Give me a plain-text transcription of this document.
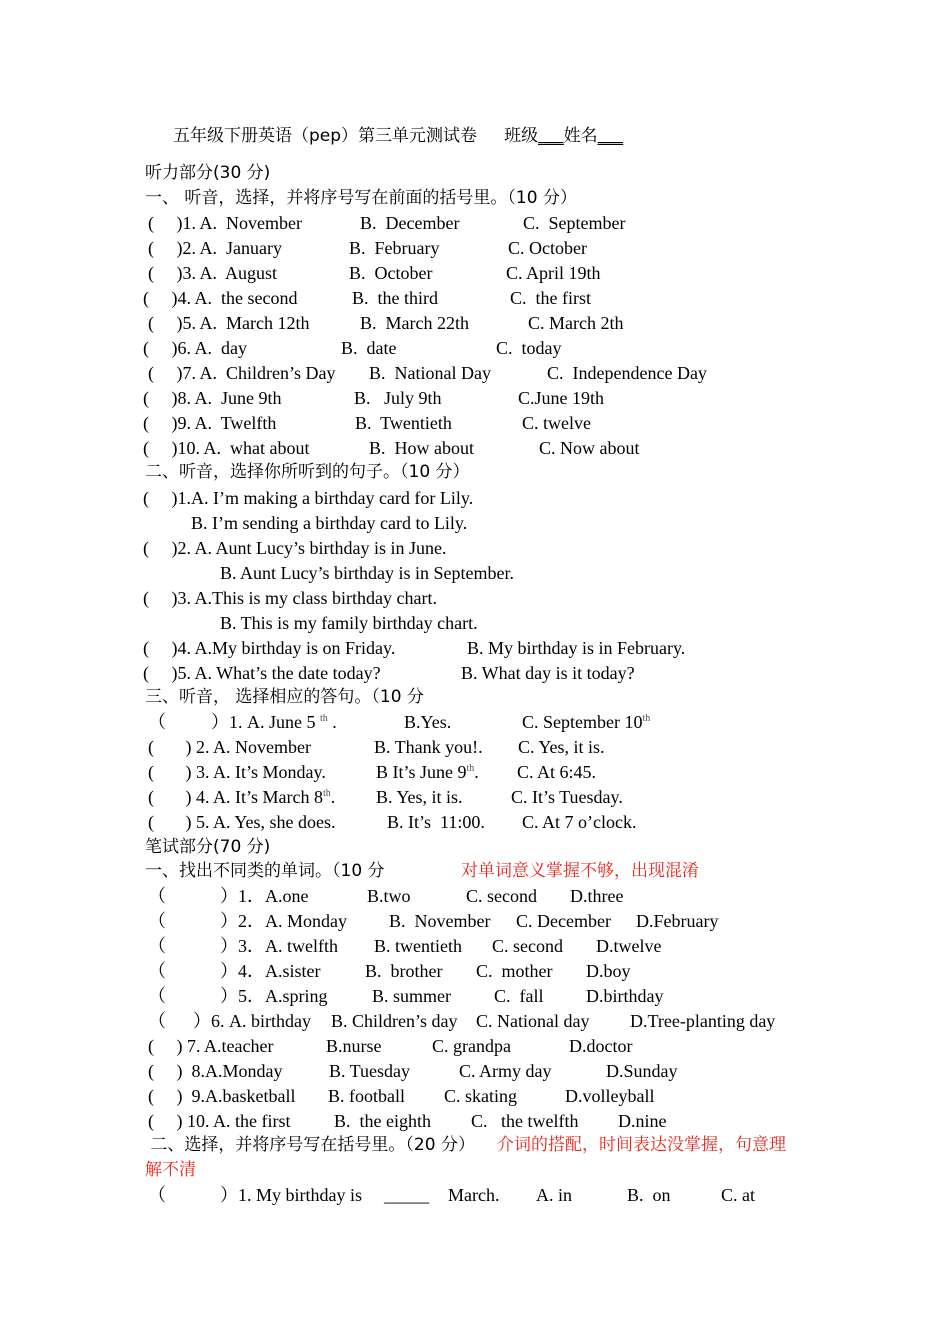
五年级下册英语（pep）第三单元测试卷 班级___姓名___
听力部分(30 分)
一、 听音，选择，并将序号写在前面的括号里。（10 分）
(     )1. A.  November	B.  December	C.  September
(     )2. A.  January	B.  February	C. October
(     )3. A.  August	B.  October	C. April 19th
(     )4. A.  the second	B.  the third	C.  the first
(     )5. A.  March 12th	B.  March 22th	C. March 2th
(     )6. A.  day	B.  date	C.  today
(     )7. A.  Children’s Day B.  National Day	C.  Independence Day
(     )8. A.  June 9th	B.   July 9th	C.June 19th
(     )9. A.  Twelfth	B.  Twentieth	C. twelve
(     )10. A.  what about	B.  How about	C. Now about
二、听音，选择你所听到的句子。（10 分）
(     )1.A. I’m making a birthday card for Lily.
B. I’m sending a birthday card to Lily.
(     )2. A. Aunt Lucy’s birthday is in June.
B. Aunt Lucy’s birthday is in September.
(     )3. A.This is my class birthday chart.
B. This is my family birthday chart.
(     )4. A.My birthday is on Friday.	B. My birthday is in February.
(     )5. A. What’s the date today?	B. What day is it today?
三、听音， 选择相应的答句。（10 分
（          ）1. A. June 5 $^{th}$ .	B.Yes.	C. September 10th
(       ) 2. A. November	B. Thank you!. C. Yes, it is.
(       ) 3. A. It’s Monday.	B It’s June 9th. C. At 6:45.
(       ) 4. A. It’s March 8th. B. Yes, it is.	C. It’s Tuesday.
(       ) 5. A. Yes, she does.	B. It’s  11:00. C. At 7 o’clock.
笔试部分(70 分)
一、找出不同类的单词。（10 分	对单词意义掌握不够，出现混淆
（            ）1．A.one	B.two	C. second D.three
（            ）2．A. Monday B.  November C. December D.February
（            ）3．A. twelfth B. twentieth C. second D.twelve
（            ）4．A.sister B.  brother C.  mother D.boy
（            ）5．A.spring B. summer C.  fall D.birthday
（      ）6. A. birthday B. Children’s day C. National day D.Tree-planting day
(     ) 7. A.teacher	B.nurse	C. grandpa	D.doctor
(     )  8.A.Monday	B. Tuesday	C. Army day	D.Sunday
(     )  9.A.basketball B. football C. skating	D.volleyball
(     ) 10. A. the first B.  the eighth C.   the twelfth D.nine
二、选择，并将序号写在括号里。（20 分） 介词的搭配，时间表达没掌握，句意理
解不清
（            ）1. My birthday is _____ March. A. in	B.  on	C. at
